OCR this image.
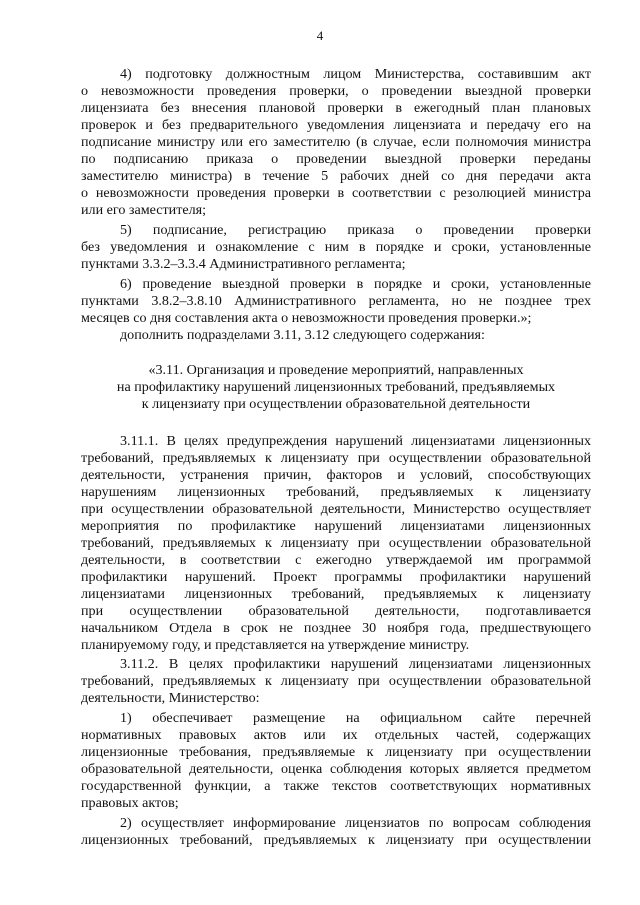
4
4) подготовку должностным лицом Министерства, составившим акт
о невозможности проведения проверки, о проведении выездной проверки
лицензиата без внесения плановой проверки в ежегодный план плановых
проверок и без предварительного уведомления лицензиата и передачу его на
подписание министру или его заместителю (в случае, если полномочия министра
по подписанию приказа о проведении выездной проверки переданы
заместителю министра) в течение 5 рабочих дней со дня передачи акта
о невозможности проведения проверки в соответствии с резолюцией министра
или его заместителя;
5) подписание, регистрацию приказа о проведении проверки
без уведомления и ознакомление с ним в порядке и сроки, установленные
пунктами 3.3.2–3.3.4 Административного регламента;
6) проведение выездной проверки в порядке и сроки, установленные
пунктами 3.8.2–3.8.10 Административного регламента, но не позднее трех
месяцев со дня составления акта о невозможности проведения проверки.»;
дополнить подразделами 3.11, 3.12 следующего содержания:
«3.11. Организация и проведение мероприятий, направленных
на профилактику нарушений лицензионных требований, предъявляемых
к лицензиату при осуществлении образовательной деятельности
3.11.1. В целях предупреждения нарушений лицензиатами лицензионных
требований, предъявляемых к лицензиату при осуществлении образовательной
деятельности, устранения причин, факторов и условий, способствующих
нарушениям лицензионных требований, предъявляемых к лицензиату
при осуществлении образовательной деятельности, Министерство осуществляет
мероприятия по профилактике нарушений лицензиатами лицензионных
требований, предъявляемых к лицензиату при осуществлении образовательной
деятельности, в соответствии с ежегодно утверждаемой им программой
профилактики нарушений. Проект программы профилактики нарушений
лицензиатами лицензионных требований, предъявляемых к лицензиату
при осуществлении образовательной деятельности, подготавливается
начальником Отдела в срок не позднее 30 ноября года, предшествующего
планируемому году, и представляется на утверждение министру.
3.11.2. В целях профилактики нарушений лицензиатами лицензионных
требований, предъявляемых к лицензиату при осуществлении образовательной
деятельности, Министерство:
1) обеспечивает размещение на официальном сайте перечней
нормативных правовых актов или их отдельных частей, содержащих
лицензионные требования, предъявляемые к лицензиату при осуществлении
образовательной деятельности, оценка соблюдения которых является предметом
государственной функции, а также текстов соответствующих нормативных
правовых актов;
2) осуществляет информирование лицензиатов по вопросам соблюдения
лицензионных требований, предъявляемых к лицензиату при осуществлении
